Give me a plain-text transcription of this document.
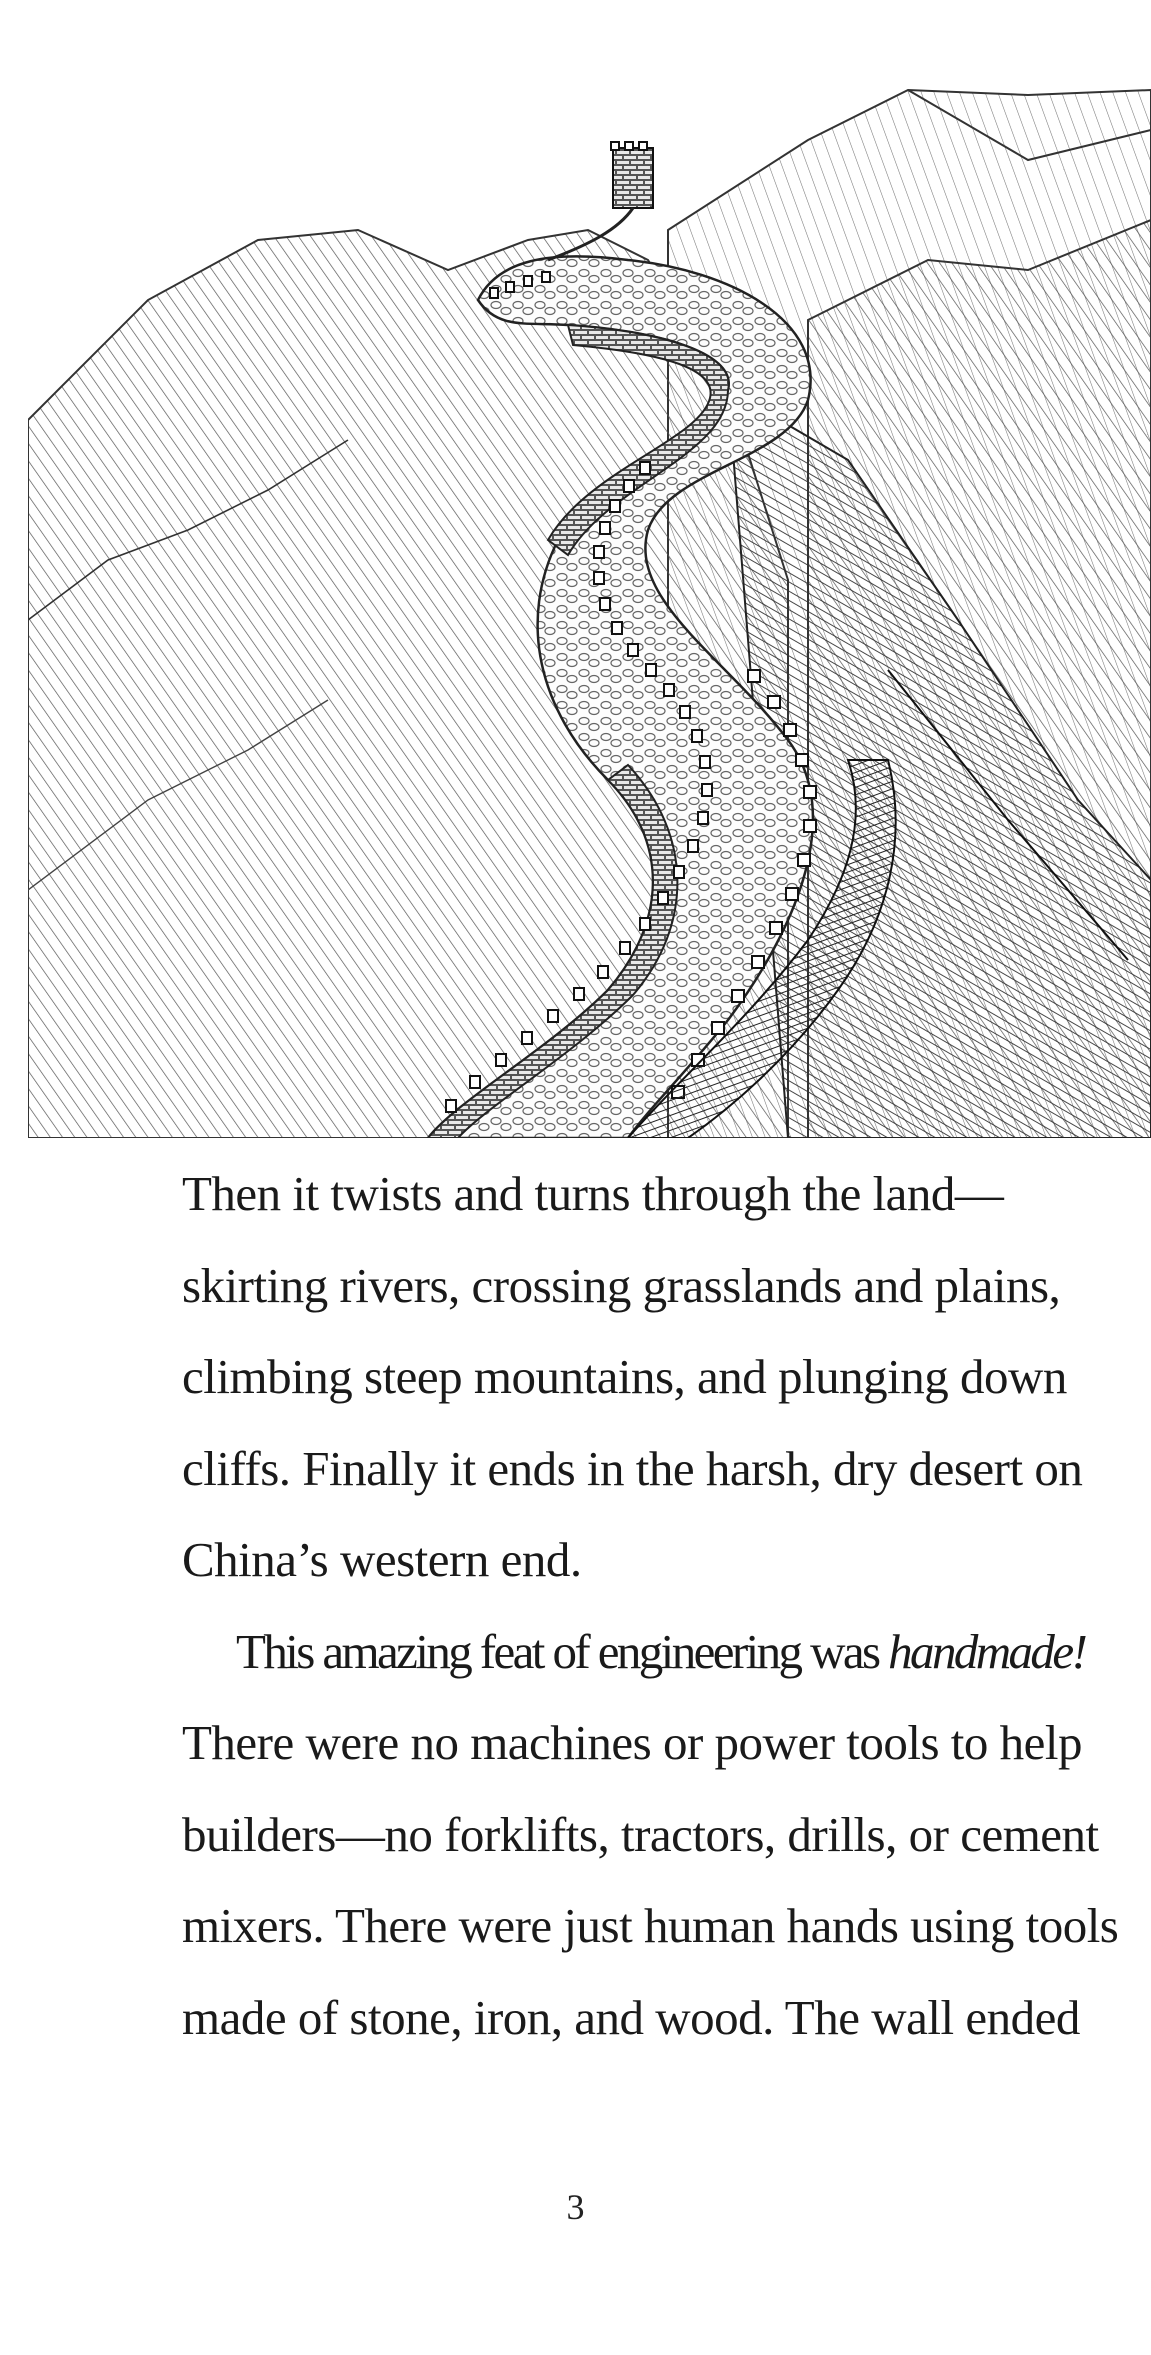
Then it twists and turns through the land—
skirting rivers, crossing grasslands and plains,
climbing steep mountains, and plunging down
cliffs. Finally it ends in the harsh, dry desert on
China’s western end.

This amazing feat of engineering was handmade!
There were no machines or power tools to help
builders—no forklifts, tractors, drills, or cement
mixers. There were just human hands using tools
made of stone, iron, and wood. The wall ended

3
